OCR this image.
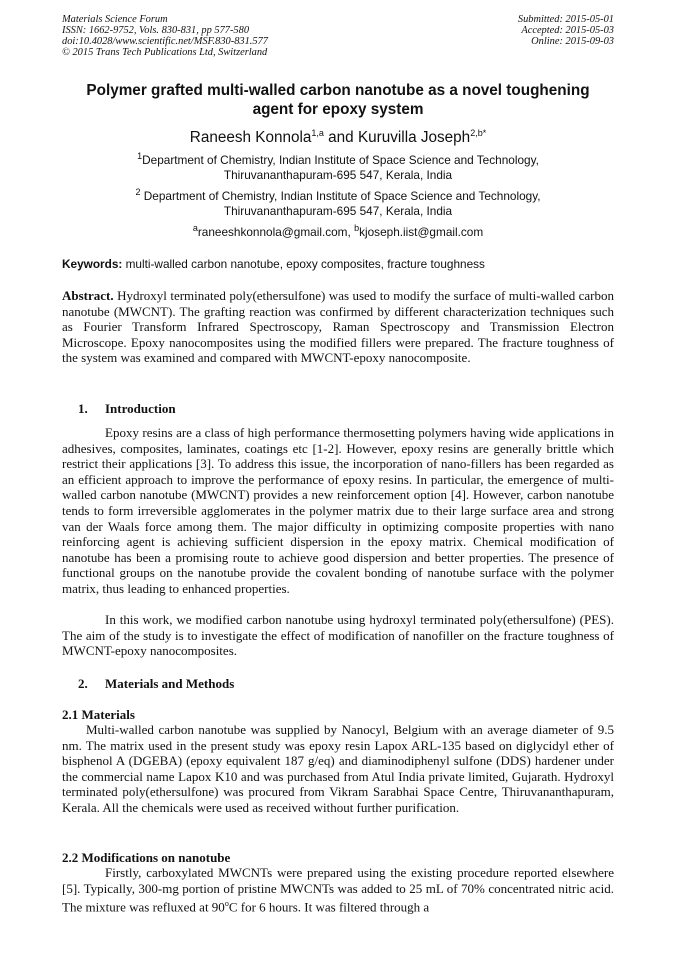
Materials Science Forum
ISSN: 1662-9752, Vols. 830-831, pp 577-580
doi:10.4028/www.scientific.net/MSF.830-831.577
© 2015 Trans Tech Publications Ltd, Switzerland
Submitted: 2015-05-01
Accepted: 2015-05-03
Online: 2015-09-03
Polymer grafted multi-walled carbon nanotube as a novel toughening
agent for epoxy system
Raneesh Konnola$^{1,a}$ and Kuruvilla Joseph$^{2,b*}$
$^1$Department of Chemistry, Indian Institute of Space Science and Technology,
Thiruvananthapuram-695 547, Kerala, India
$^2$ Department of Chemistry, Indian Institute of Space Science and Technology,
Thiruvananthapuram-695 547, Kerala, India
$^a$raneeshkonnola@gmail.com, $^b$kjoseph.iist@gmail.com
Keywords: multi-walled carbon nanotube, epoxy composites, fracture toughness
Abstract. Hydroxyl terminated poly(ethersulfone) was used to modify the surface of multi-walled carbon nanotube (MWCNT). The grafting reaction was confirmed by different characterization techniques such as Fourier Transform Infrared Spectroscopy, Raman Spectroscopy and Transmission Electron Microscope. Epoxy nanocomposites using the modified fillers were prepared. The fracture toughness of the system was examined and compared with MWCNT-epoxy nanocomposite.
1. Introduction
Epoxy resins are a class of high performance thermosetting polymers having wide applications in adhesives, composites, laminates, coatings etc [1-2]. However, epoxy resins are generally brittle which restrict their applications [3]. To address this issue, the incorporation of nano-fillers has been regarded as an efficient approach to improve the performance of epoxy resins. In particular, the emergence of multi-walled carbon nanotube (MWCNT) provides a new reinforcement option [4]. However, carbon nanotube tends to form irreversible agglomerates in the polymer matrix due to their large surface area and strong van der Waals force among them. The major difficulty in optimizing composite properties with nano reinforcing agent is achieving sufficient dispersion in the epoxy matrix. Chemical modification of nanotube has been a promising route to achieve good dispersion and better properties. The presence of functional groups on the nanotube provide the covalent bonding of nanotube surface with the polymer matrix, thus leading to enhanced properties.
In this work, we modified carbon nanotube using hydroxyl terminated poly(ethersulfone) (PES). The aim of the study is to investigate the effect of modification of nanofiller on the fracture toughness of MWCNT-epoxy nanocomposites.
2. Materials and Methods
2.1 Materials
Multi-walled carbon nanotube was supplied by Nanocyl, Belgium with an average diameter of 9.5 nm. The matrix used in the present study was epoxy resin Lapox ARL-135 based on diglycidyl ether of bisphenol A (DGEBA) (epoxy equivalent 187 g/eq) and diaminodiphenyl sulfone (DDS) hardener under the commercial name Lapox K10 and was purchased from Atul India private limited, Gujarath. Hydroxyl terminated poly(ethersulfone) was procured from Vikram Sarabhai Space Centre, Thiruvananthapuram, Kerala. All the chemicals were used as received without further purification.
2.2 Modifications on nanotube
Firstly, carboxylated MWCNTs were prepared using the existing procedure reported elsewhere [5]. Typically, 300-mg portion of pristine MWCNTs was added to 25 mL of 70% concentrated nitric acid. The mixture was refluxed at 90$^o$C for 6 hours. It was filtered through a
